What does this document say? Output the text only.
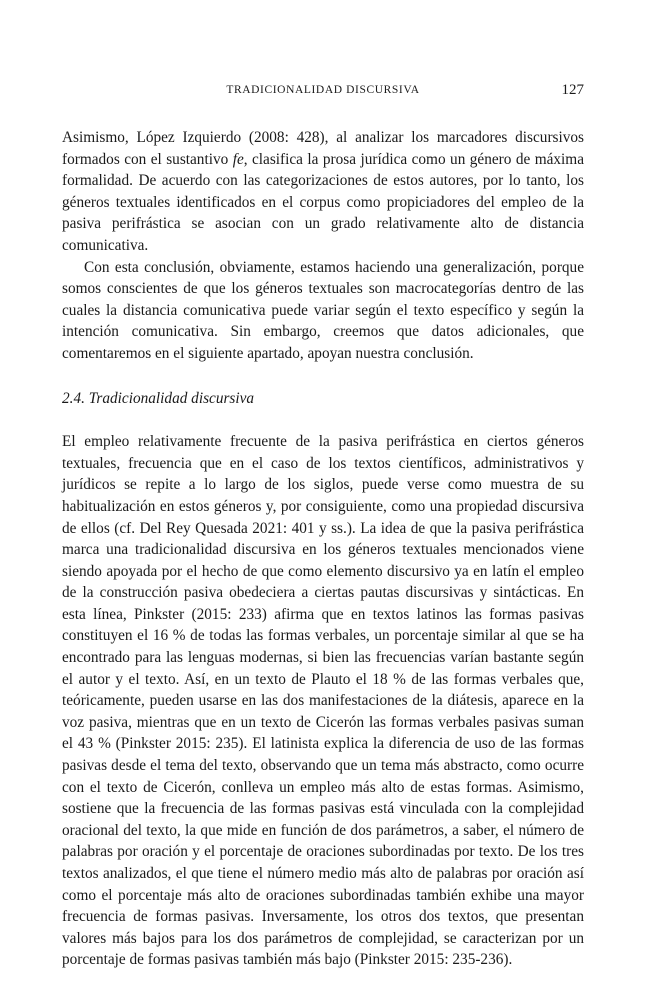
TRADICIONALIDAD DISCURSIVA	127

Asimismo, López Izquierdo (2008: 428), al analizar los marcadores discursivos formados con el sustantivo fe, clasifica la prosa jurídica como un género de máxima formalidad. De acuerdo con las categorizaciones de estos autores, por lo tanto, los géneros textuales identificados en el corpus como propiciadores del empleo de la pasiva perifrástica se asocian con un grado relativamente alto de distancia comunicativa.

Con esta conclusión, obviamente, estamos haciendo una generalización, porque somos conscientes de que los géneros textuales son macrocategorías dentro de las cuales la distancia comunicativa puede variar según el texto específico y según la intención comunicativa. Sin embargo, creemos que datos adicionales, que comentaremos en el siguiente apartado, apoyan nuestra conclusión.

2.4. Tradicionalidad discursiva

El empleo relativamente frecuente de la pasiva perifrástica en ciertos géneros textuales, frecuencia que en el caso de los textos científicos, administrativos y jurídicos se repite a lo largo de los siglos, puede verse como muestra de su habitualización en estos géneros y, por consiguiente, como una propiedad discursiva de ellos (cf. Del Rey Quesada 2021: 401 y ss.). La idea de que la pasiva perifrástica marca una tradicionalidad discursiva en los géneros textuales mencionados viene siendo apoyada por el hecho de que como elemento discursivo ya en latín el empleo de la construcción pasiva obedeciera a ciertas pautas discursivas y sintácticas. En esta línea, Pinkster (2015: 233) afirma que en textos latinos las formas pasivas constituyen el 16 % de todas las formas verbales, un porcentaje similar al que se ha encontrado para las lenguas modernas, si bien las frecuencias varían bastante según el autor y el texto. Así, en un texto de Plauto el 18 % de las formas verbales que, teóricamente, pueden usarse en las dos manifestaciones de la diátesis, aparece en la voz pasiva, mientras que en un texto de Cicerón las formas verbales pasivas suman el 43 % (Pinkster 2015: 235). El latinista explica la diferencia de uso de las formas pasivas desde el tema del texto, observando que un tema más abstracto, como ocurre con el texto de Cicerón, conlleva un empleo más alto de estas formas. Asimismo, sostiene que la frecuencia de las formas pasivas está vinculada con la complejidad oracional del texto, la que mide en función de dos parámetros, a saber, el número de palabras por oración y el porcentaje de oraciones subordinadas por texto. De los tres textos analizados, el que tiene el número medio más alto de palabras por oración así como el porcentaje más alto de oraciones subordinadas también exhibe una mayor frecuencia de formas pasivas. Inversamente, los otros dos textos, que presentan valores más bajos para los dos parámetros de complejidad, se caracterizan por un porcentaje de formas pasivas también más bajo (Pinkster 2015: 235-236).
